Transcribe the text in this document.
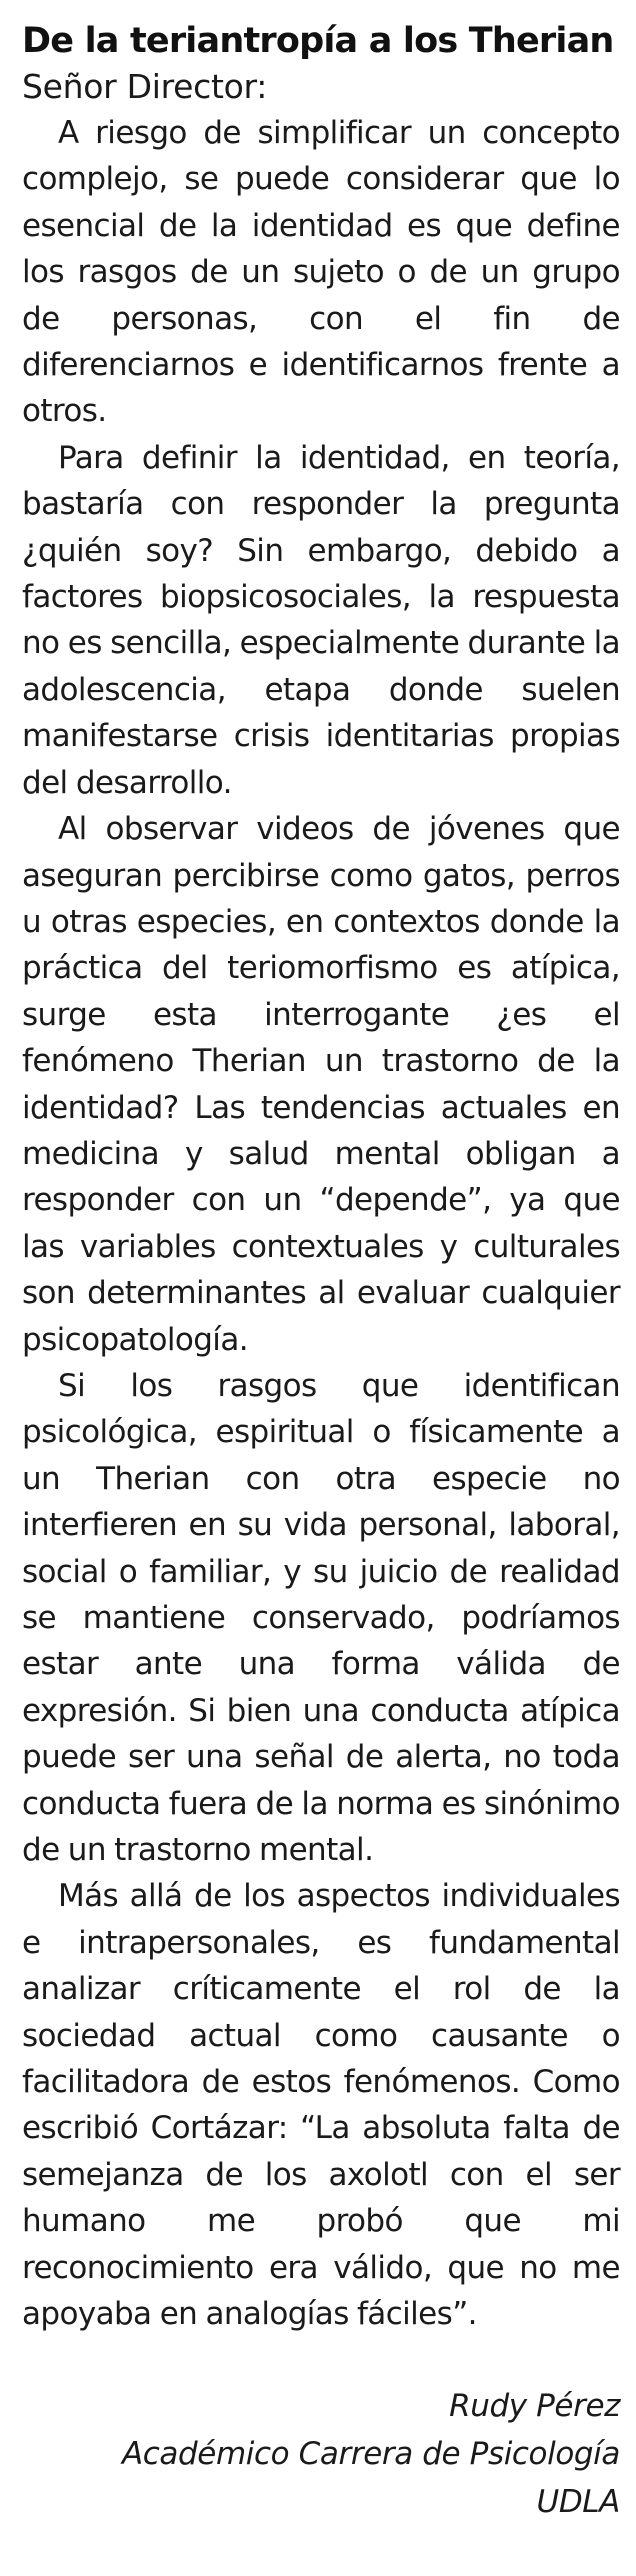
De la teriantropía a los Therian

Señor Director:

A riesgo de simplificar un concepto complejo, se puede considerar que lo esencial de la identidad es que define los rasgos de un sujeto o de un grupo de personas, con el fin de diferenciarnos e identificarnos frente a otros.

Para definir la identidad, en teoría, bastaría con responder la pregunta ¿quién soy? Sin embargo, debido a factores biopsicosociales, la respuesta no es sencilla, especialmente durante la adolescencia, etapa donde suelen manifestarse crisis identitarias propias del desarrollo.

Al observar videos de jóvenes que aseguran percibirse como gatos, perros u otras especies, en contextos donde la práctica del teriomorfismo es atípica, surge esta interrogante ¿es el fenómeno Therian un trastorno de la identidad? Las tendencias actuales en medicina y salud mental obligan a responder con un “depende”, ya que las variables contextuales y culturales son determinantes al evaluar cualquier psicopatología.

Si los rasgos que identifican psicológica, espiritual o físicamente a un Therian con otra especie no interfieren en su vida personal, laboral, social o familiar, y su juicio de realidad se mantiene conservado, podríamos estar ante una forma válida de expresión. Si bien una conducta atípica puede ser una señal de alerta, no toda conducta fuera de la norma es sinónimo de un trastorno mental.

Más allá de los aspectos individuales e intrapersonales, es fundamental analizar críticamente el rol de la sociedad actual como causante o facilitadora de estos fenómenos. Como escribió Cortázar: “La absoluta falta de semejanza de los axolotl con el ser humano me probó que mi reconocimiento era válido, que no me apoyaba en analogías fáciles”.

Rudy Pérez
Académico Carrera de Psicología
UDLA
